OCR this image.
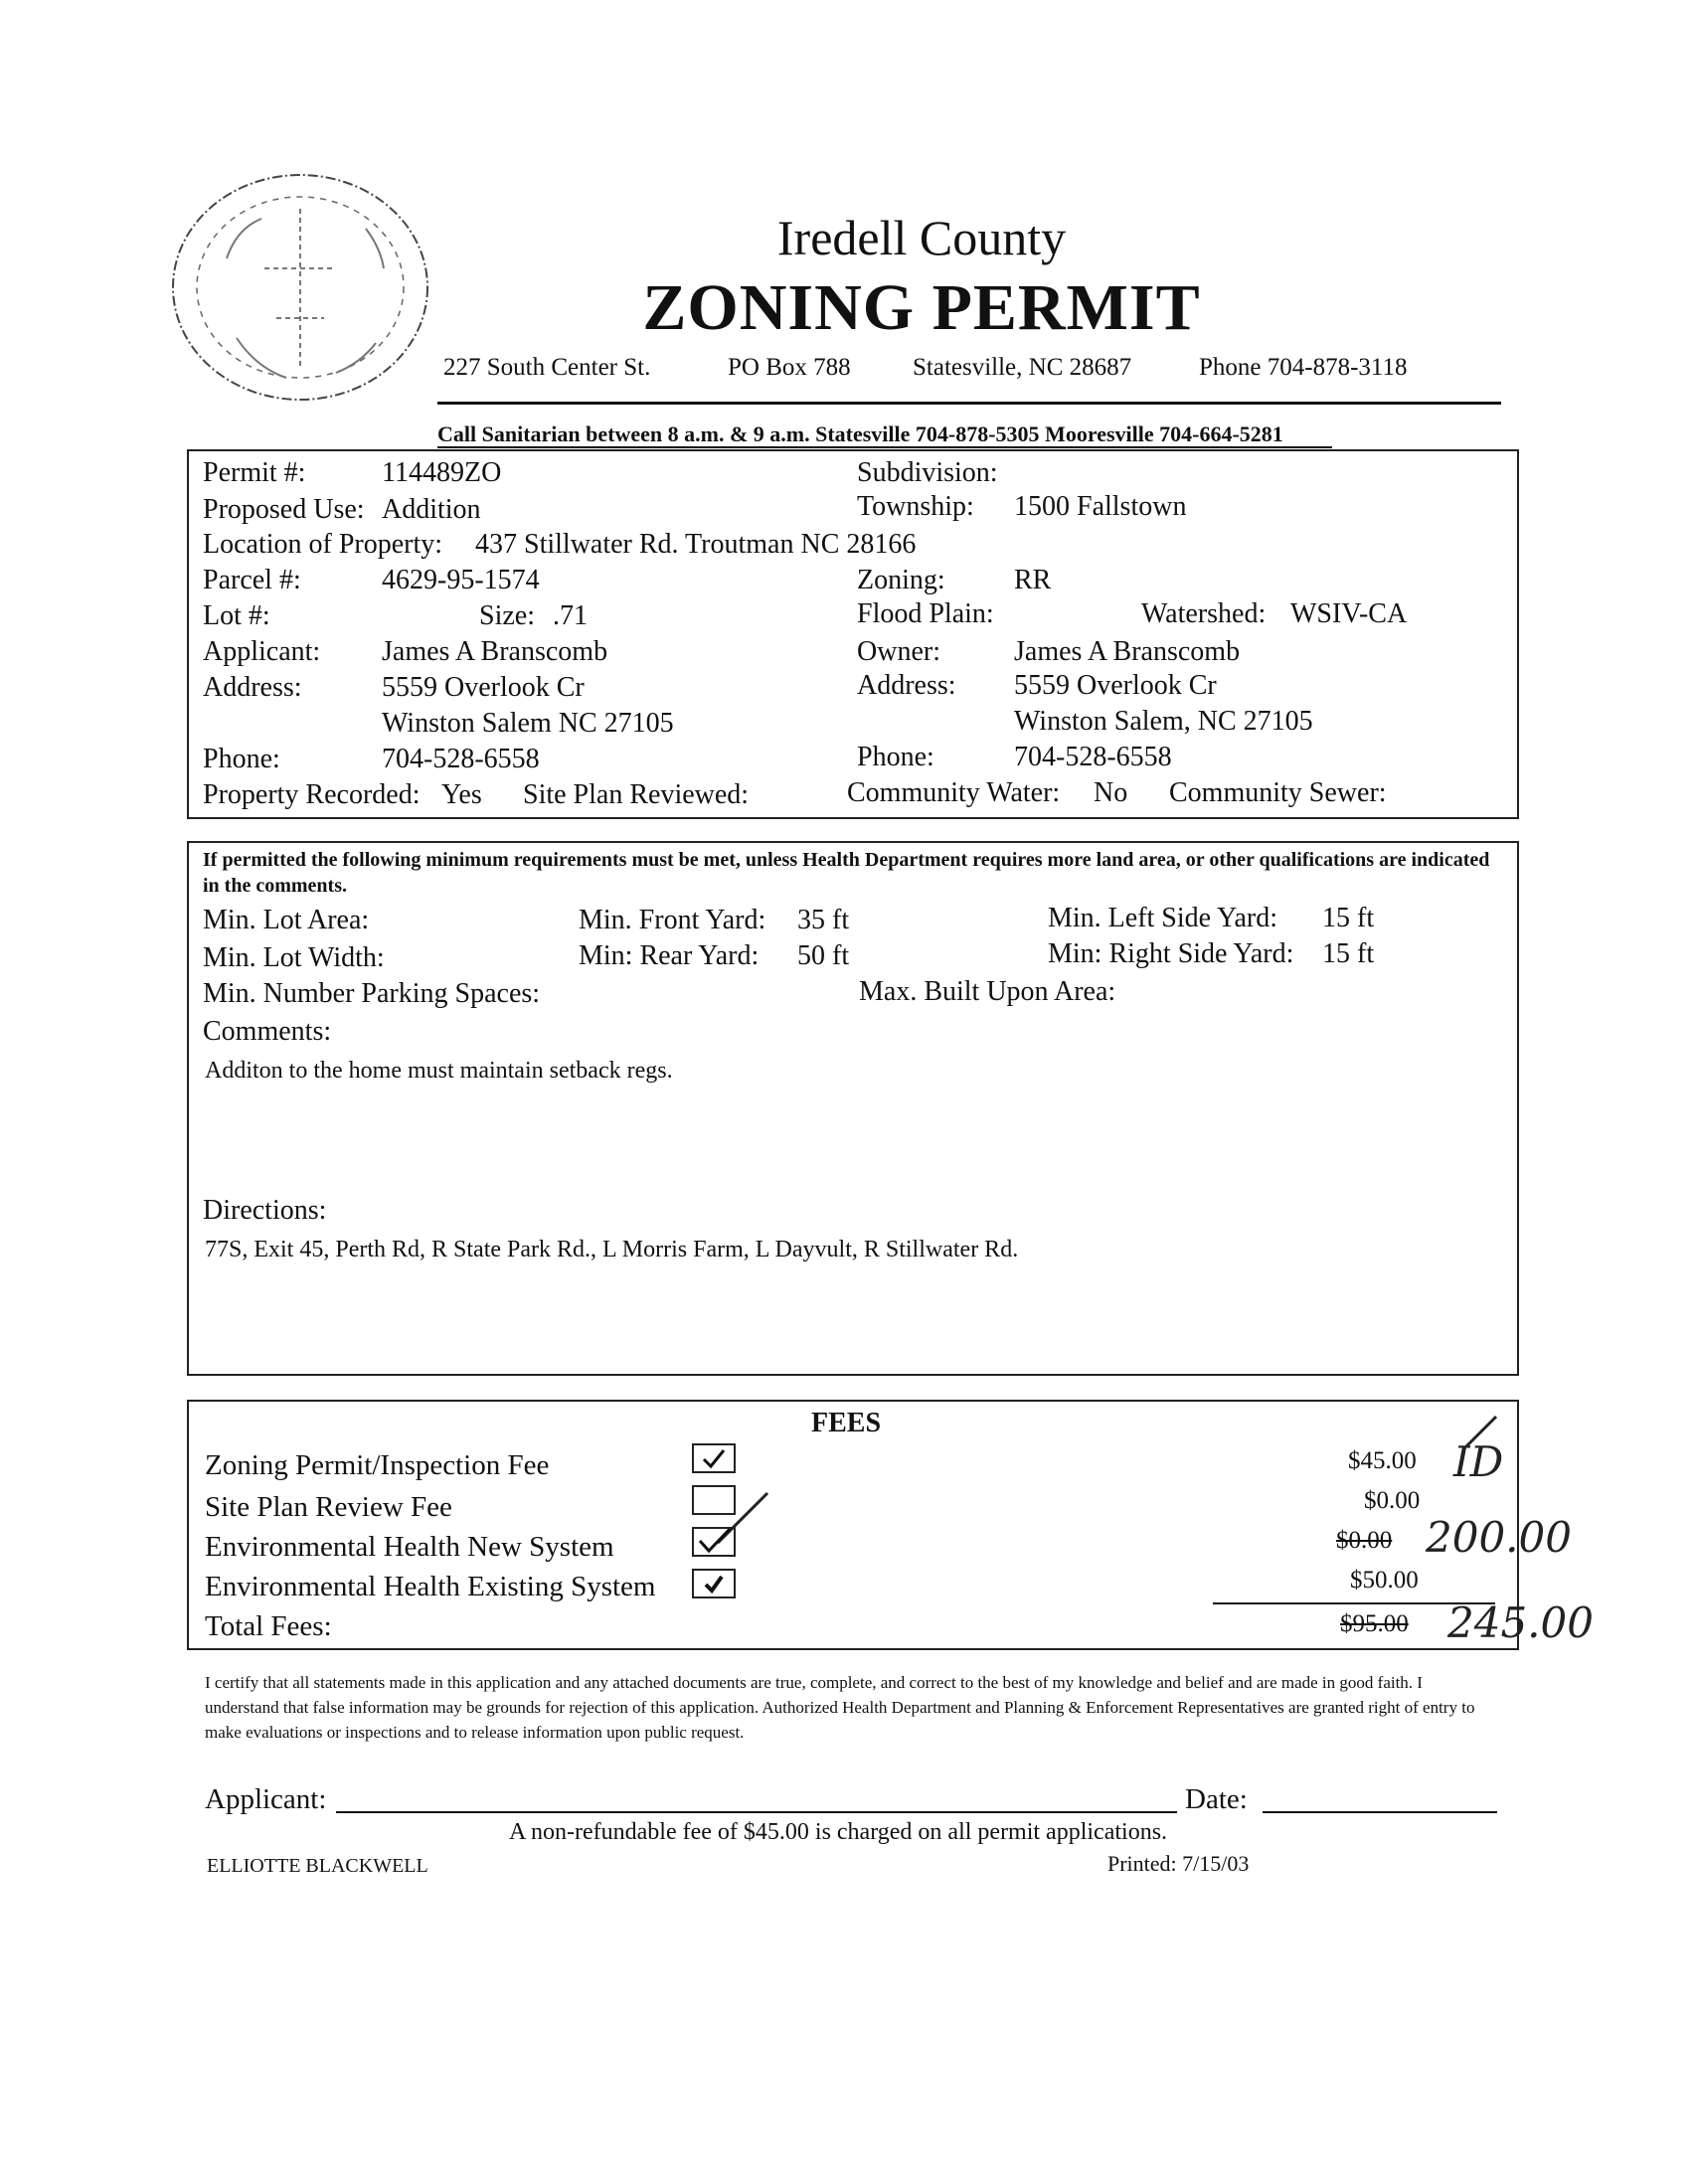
Iredell County
ZONING PERMIT
227 South Center St.	PO Box 788 Statesville, NC 28687	Phone 704-878-3118
Call Sanitarian between 8 a.m. & 9 a.m. Statesville 704-878-5305 Mooresville 704-664-5281
Permit #:	114489ZO	Subdivision:
Proposed Use: Addition	Township: 1500 Fallstown
Location of Property: 437 Stillwater Rd. Troutman NC 28166
Parcel #:	4629-95-1574	Zoning: RR
Lot #:	Size: .71	Flood Plain:	Watershed: WSIV-CA
Applicant: James A Branscomb	Owner:	James A Branscomb
Address:	5559 Overlook Cr	Address: 5559 Overlook Cr
Winston Salem NC 27105	Winston Salem, NC 27105
Phone:	704-528-6558	Phone:	704-528-6558
Property Recorded: Yes Site Plan Reviewed:	Community Water: No Community Sewer:
If permitted the following minimum requirements must be met, unless Health Department requires more land area, or other qualifications are indicated in the comments.
Min. Lot Area:	Min. Front Yard: 35 ft	Min. Left Side Yard: 15 ft
Min. Lot Width:	Min: Rear Yard: 50 ft	Min: Right Side Yard: 15 ft
Min. Number Parking Spaces:	Max. Built Upon Area:
Comments:
Additon to the home must maintain setback regs.
Directions:
77S, Exit 45, Perth Rd, R State Park Rd., L Morris Farm, L Dayvult, R Stillwater Rd.
FEES
Zoning Permit/Inspection Fee	$45.00 ID
Site Plan Review Fee	$0.00
Environmental Health New System	$0.00 200.00
Environmental Health Existing System	$50.00
Total Fees:	$95.00 245.00
I certify that all statements made in this application and any attached documents are true, complete, and correct to the best of my knowledge and belief and are made in good faith. I understand that false information may be grounds for rejection of this application. Authorized Health Department and Planning & Enforcement Representatives are granted right of entry to make evaluations or inspections and to release information upon public request.
Applicant:	Date:
A non-refundable fee of $45.00 is charged on all permit applications.
ELLIOTTE BLACKWELL	Printed: 7/15/03
